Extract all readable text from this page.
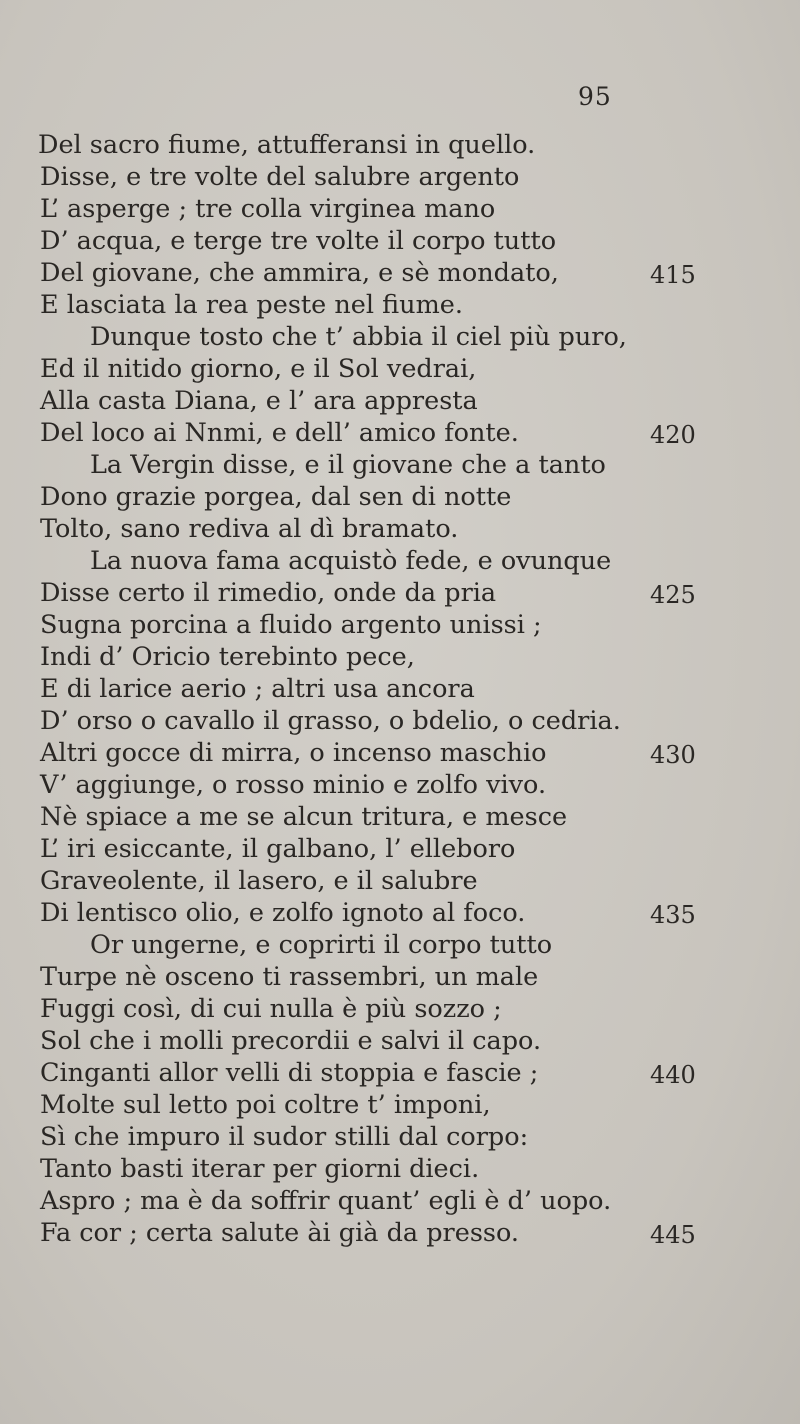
95
Del sacro fiume, attufferansi in quello.
Disse, e tre volte del salubre argento
L’ asperge ; tre colla virginea mano
D’ acqua, e terge tre volte il corpo tutto
Del giovane, che ammira, e sè mondato,
E lasciata la rea peste nel fiume.
Dunque tosto che t’ abbia il ciel più puro,
Ed il nitido giorno, e il Sol vedrai,
Alla casta Diana, e l’ ara appresta
Del loco ai Nnmi, e dell’ amico fonte.
La Vergin disse, e il giovane che a tanto
Dono grazie porgea, dal sen di notte
Tolto, sano rediva al dì bramato.
La nuova fama acquistò fede, e ovunque
Disse certo il rimedio, onde da pria
Sugna porcina a fluido argento unissi ;
Indi d’ Oricio terebinto pece,
E di larice aerio ; altri usa ancora
D’ orso o cavallo il grasso, o bdelio, o cedria.
Altri gocce di mirra, o incenso maschio
V’ aggiunge, o rosso minio e zolfo vivo.
Nè spiace a me se alcun tritura, e mesce
L’ iri esiccante, il galbano, l’ elleboro
Graveolente, il lasero, e il salubre
Di lentisco olio, e zolfo ignoto al foco.
Or ungerne, e coprirti il corpo tutto
Turpe nè osceno ti rassembri, un male
Fuggi così, di cui nulla è più sozzo ;
Sol che i molli precordii e salvi il capo.
Cinganti allor velli di stoppia e fascie ;
Molte sul letto poi coltre t’ imponi,
Sì che impuro il sudor stilli dal corpo:
Tanto basti iterar per giorni dieci.
Aspro ; ma è da soffrir quant’ egli è d’ uopo.
Fa cor ; certa salute ài già da presso.
415
420
425
430
435
440
445
